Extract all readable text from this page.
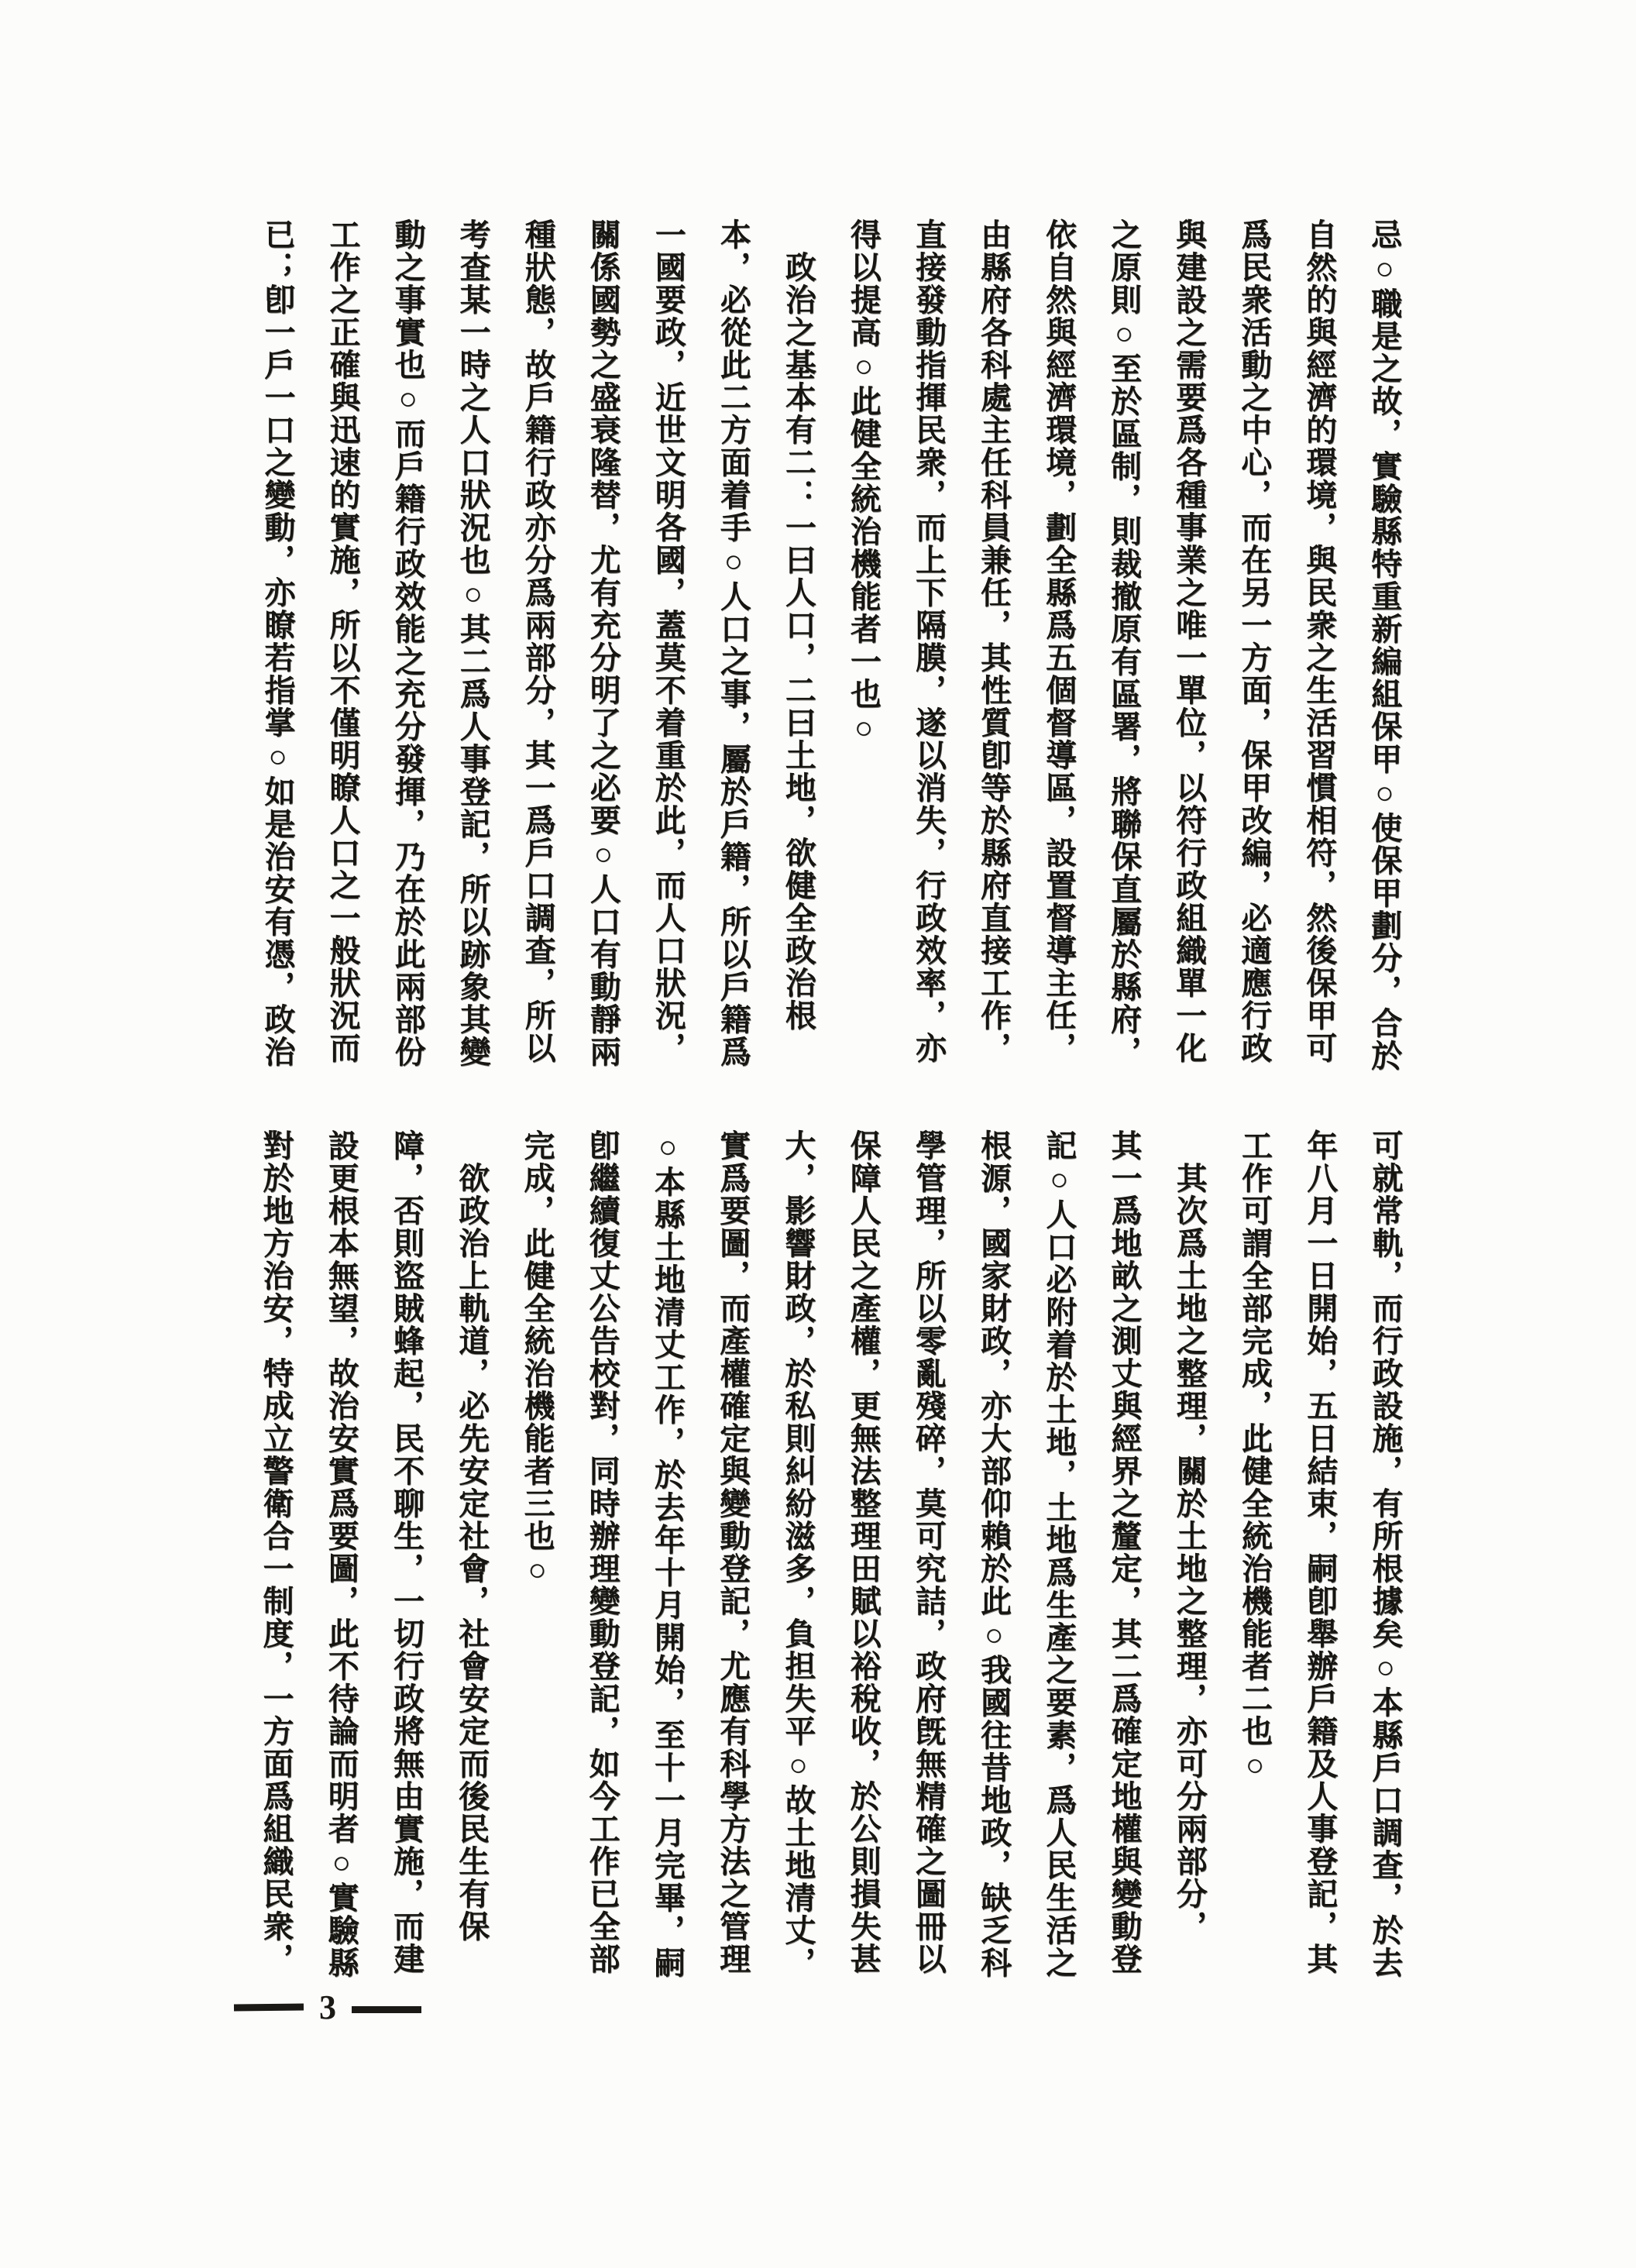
忌○職是之故，實驗縣特重新編組保甲○使保甲劃分，合於
自然的與經濟的環境，與民衆之生活習慣相符，然後保甲可
爲民衆活動之中心，而在另一方面，保甲改編，必適應行政
與建設之需要爲各種事業之唯一單位，以符行政組織單一化
之原則○至於區制，則裁撤原有區署，將聯保直屬於縣府，
依自然與經濟環境，劃全縣爲五個督導區，設置督導主任，
由縣府各科處主任科員兼任，其性質卽等於縣府直接工作，
直接發動指揮民衆，而上下隔膜，遂以消失，行政效率，亦
得以提高○此健全統治機能者一也○
政治之基本有二：一曰人口，二曰土地，欲健全政治根
本，必從此二方面着手○人口之事，屬於戶籍，所以戶籍爲
一國要政，近世文明各國，蓋莫不着重於此，而人口狀況，
關係國勢之盛衰隆替，尤有充分明了之必要○人口有動靜兩
種狀態，故戶籍行政亦分爲兩部分，其一爲戶口調查，所以
考查某一時之人口狀況也○其二爲人事登記，所以跡象其變
動之事實也○而戶籍行政效能之充分發揮，乃在於此兩部份
工作之正確與迅速的實施，所以不僅明瞭人口之一般狀況而
已；卽一戶一口之變動，亦瞭若指掌○如是治安有憑，政治
可就常軌，而行政設施，有所根據矣○本縣戶口調查，於去
年八月一日開始，五日結束，嗣卽舉辦戶籍及人事登記，其
工作可謂全部完成，此健全統治機能者二也○
其次爲土地之整理，關於土地之整理，亦可分兩部分，
其一爲地畝之測丈與經界之釐定，其二爲確定地權與變動登
記○人口必附着於土地，土地爲生產之要素，爲人民生活之
根源，國家財政，亦大部仰賴於此○我國往昔地政，缺乏科
學管理，所以零亂殘碎，莫可究詰，政府旣無精確之圖冊以
保障人民之產權，更無法整理田賦以裕稅收，於公則損失甚
大，影響財政，於私則糾紛滋多，負担失平○故土地清丈，
實爲要圖，而產權確定與變動登記，尤應有科學方法之管理
○本縣土地清丈工作，於去年十月開始，至十一月完畢，嗣
卽繼續復丈公告校對，同時辦理變動登記，如今工作已全部
完成，此健全統治機能者三也○
欲政治上軌道，必先安定社會，社會安定而後民生有保
障，否則盜賊蜂起，民不聊生，一切行政將無由實施，而建
設更根本無望，故治安實爲要圖，此不待論而明者○實驗縣
對於地方治安，特成立警衛合一制度，一方面爲組織民衆，
3
